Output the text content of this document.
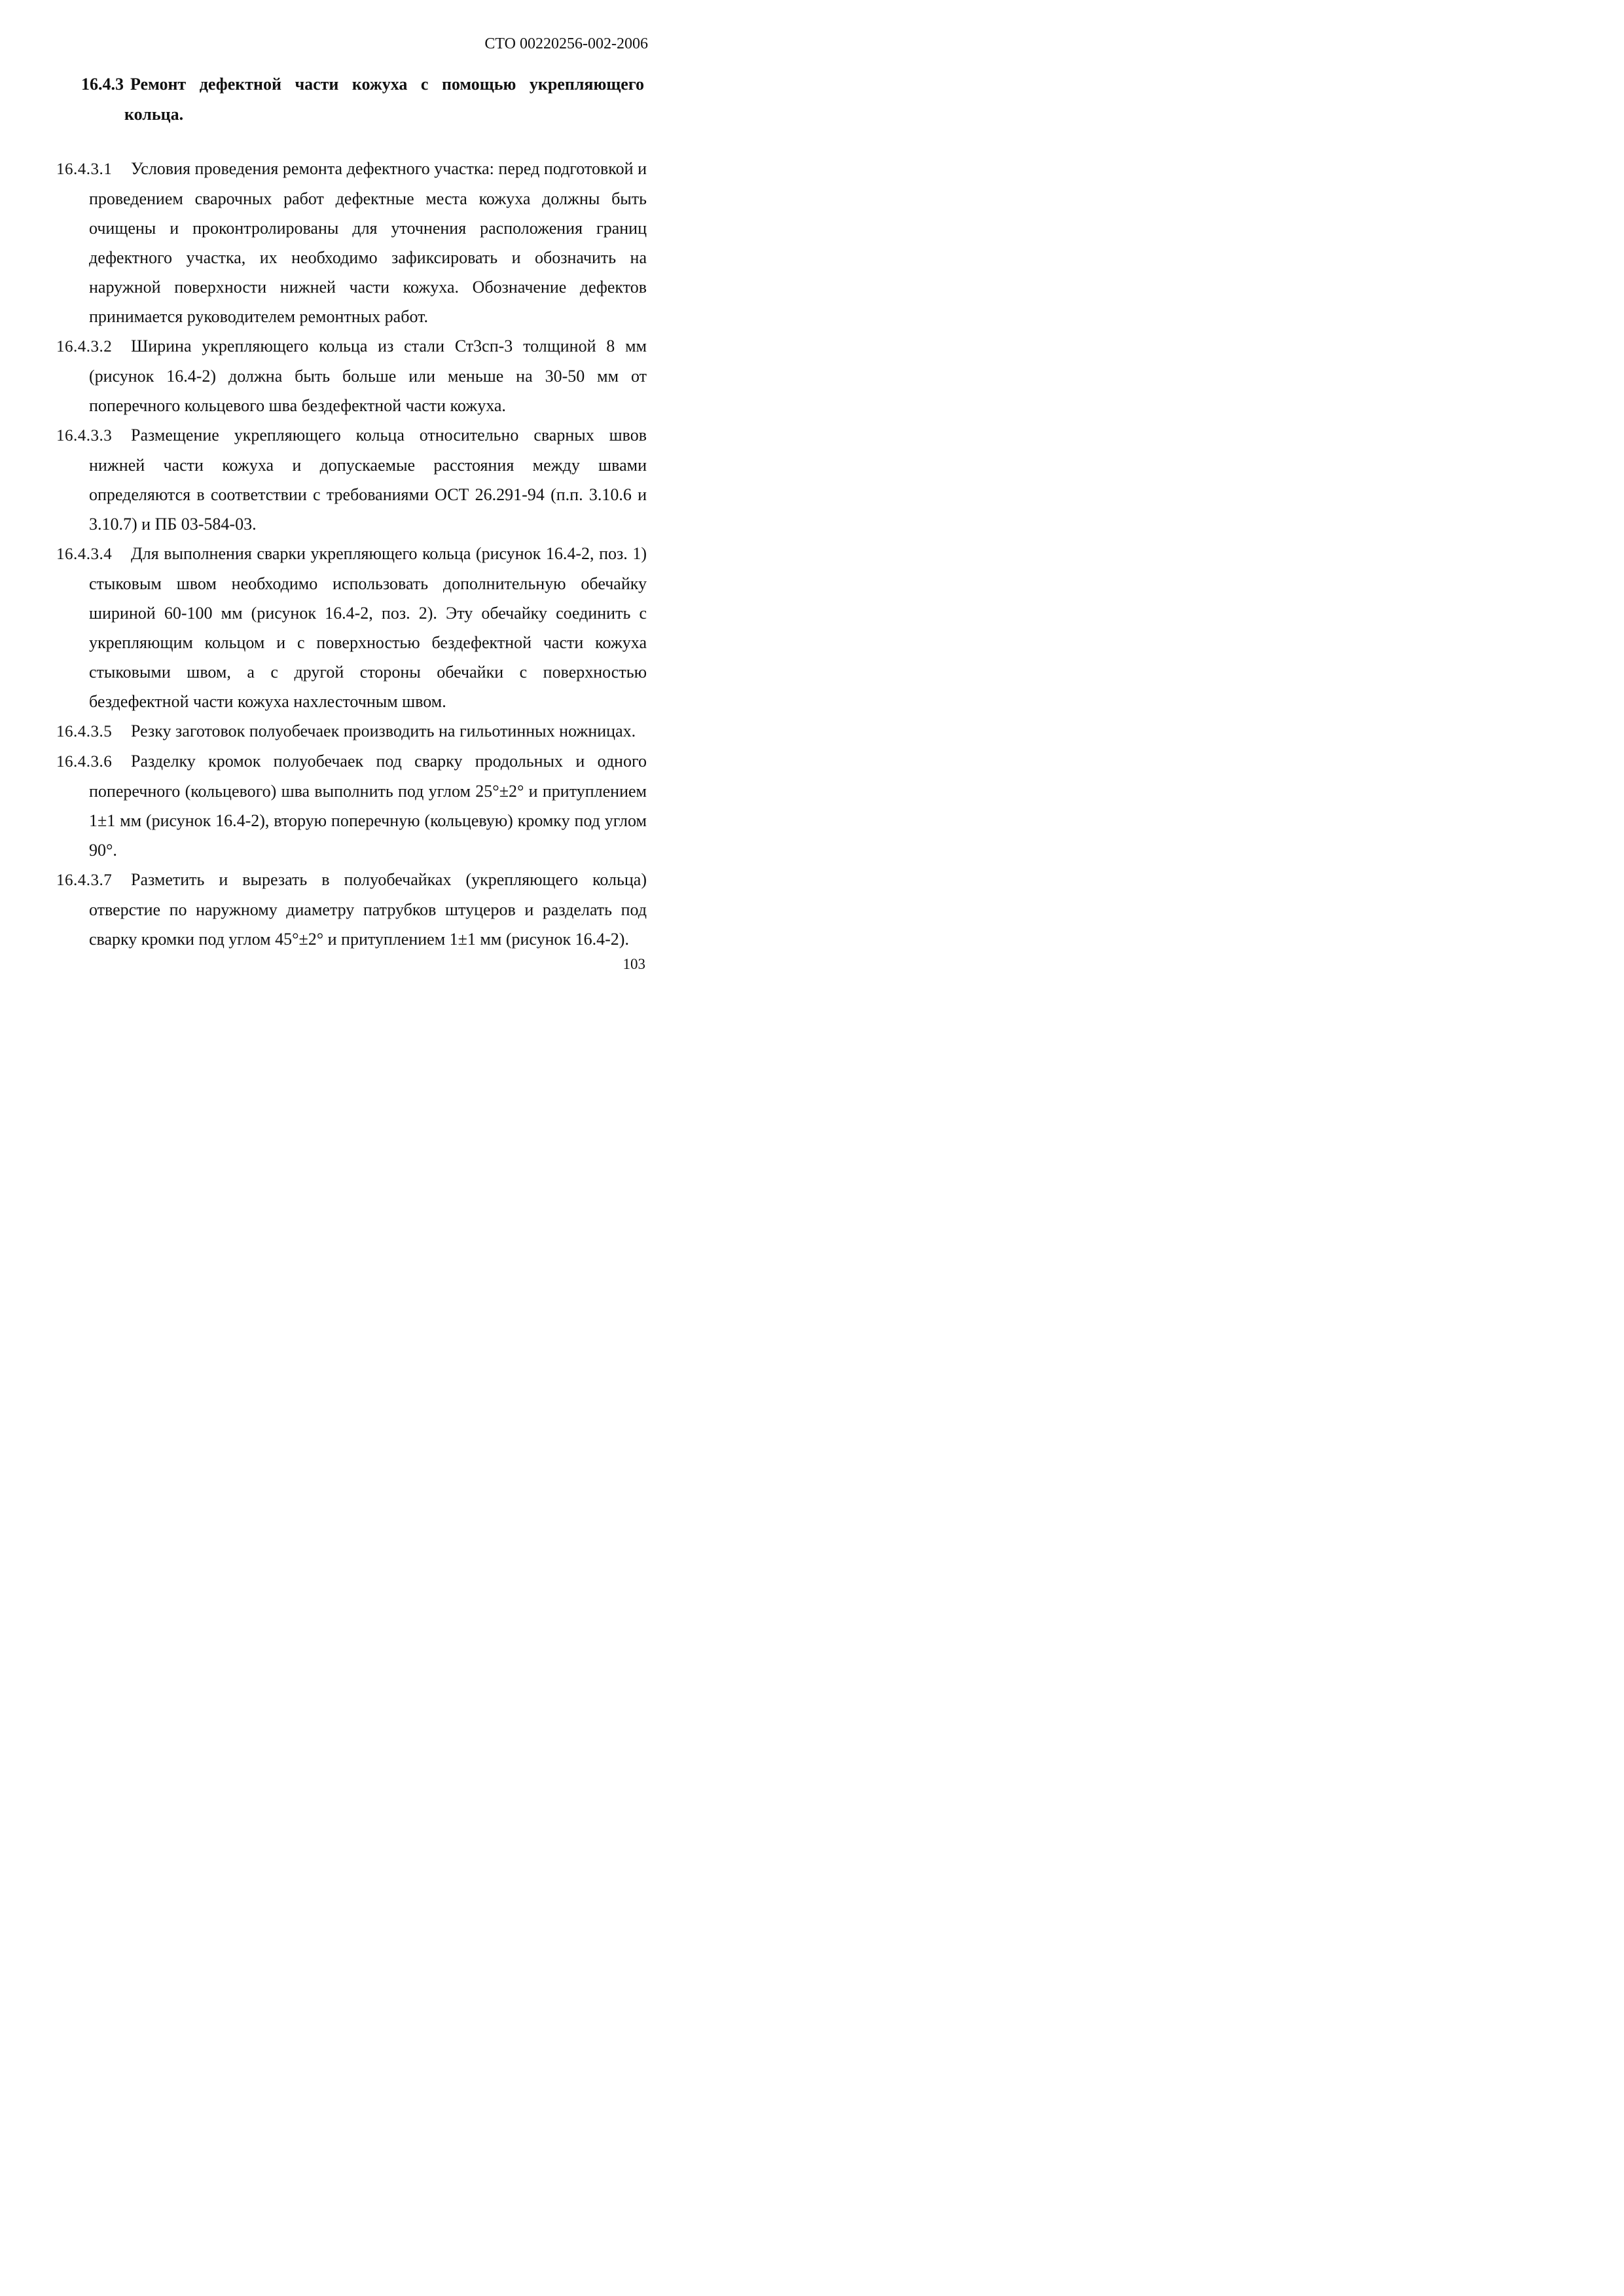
СТО 00220256-002-2006
16.4.3 Ремонт дефектной части кожуха с помощью укрепляющего
кольца.

16.4.3.1 Условия проведения ремонта дефектного участка: перед подготовкой и проведением сварочных работ дефектные места кожуха должны быть очищены и проконтролированы для уточнения расположения границ дефектного участка, их необходимо зафиксировать и обозначить на наружной поверхности нижней части кожуха. Обозначение дефектов принимается руководителем ремонтных работ.

16.4.3.2 Ширина укрепляющего кольца из стали Ст3сп-3 толщиной 8 мм (рисунок 16.4-2) должна быть больше или меньше на 30-50 мм от поперечного кольцевого шва бездефектной части кожуха.

16.4.3.3 Размещение укрепляющего кольца относительно сварных швов нижней части кожуха и допускаемые расстояния между швами определяются в соответствии с требованиями ОСТ 26.291-94 (п.п. 3.10.6 и 3.10.7) и ПБ 03-584-03.

16.4.3.4 Для выполнения сварки укрепляющего кольца (рисунок 16.4-2, поз. 1) стыковым швом необходимо использовать дополнительную обечайку шириной 60-100 мм (рисунок 16.4-2, поз. 2). Эту обечайку соединить с укрепляющим кольцом и с поверхностью бездефектной части кожуха стыковыми швом, а с другой стороны обечайки с поверхностью бездефектной части кожуха нахлесточным швом.

16.4.3.5 Резку заготовок полуобечаек производить на гильотинных ножницах.

16.4.3.6 Разделку кромок полуобечаек под сварку продольных и одного поперечного (кольцевого) шва выполнить под углом 25°±2° и притуплением 1±1 мм (рисунок 16.4-2), вторую поперечную (кольцевую) кромку под углом 90°.

16.4.3.7 Разметить и вырезать в полуобечайках (укрепляющего кольца) отверстие по наружному диаметру патрубков штуцеров и разделать под сварку кромки под углом 45°±2° и притуплением 1±1 мм (рисунок 16.4-2).

103
